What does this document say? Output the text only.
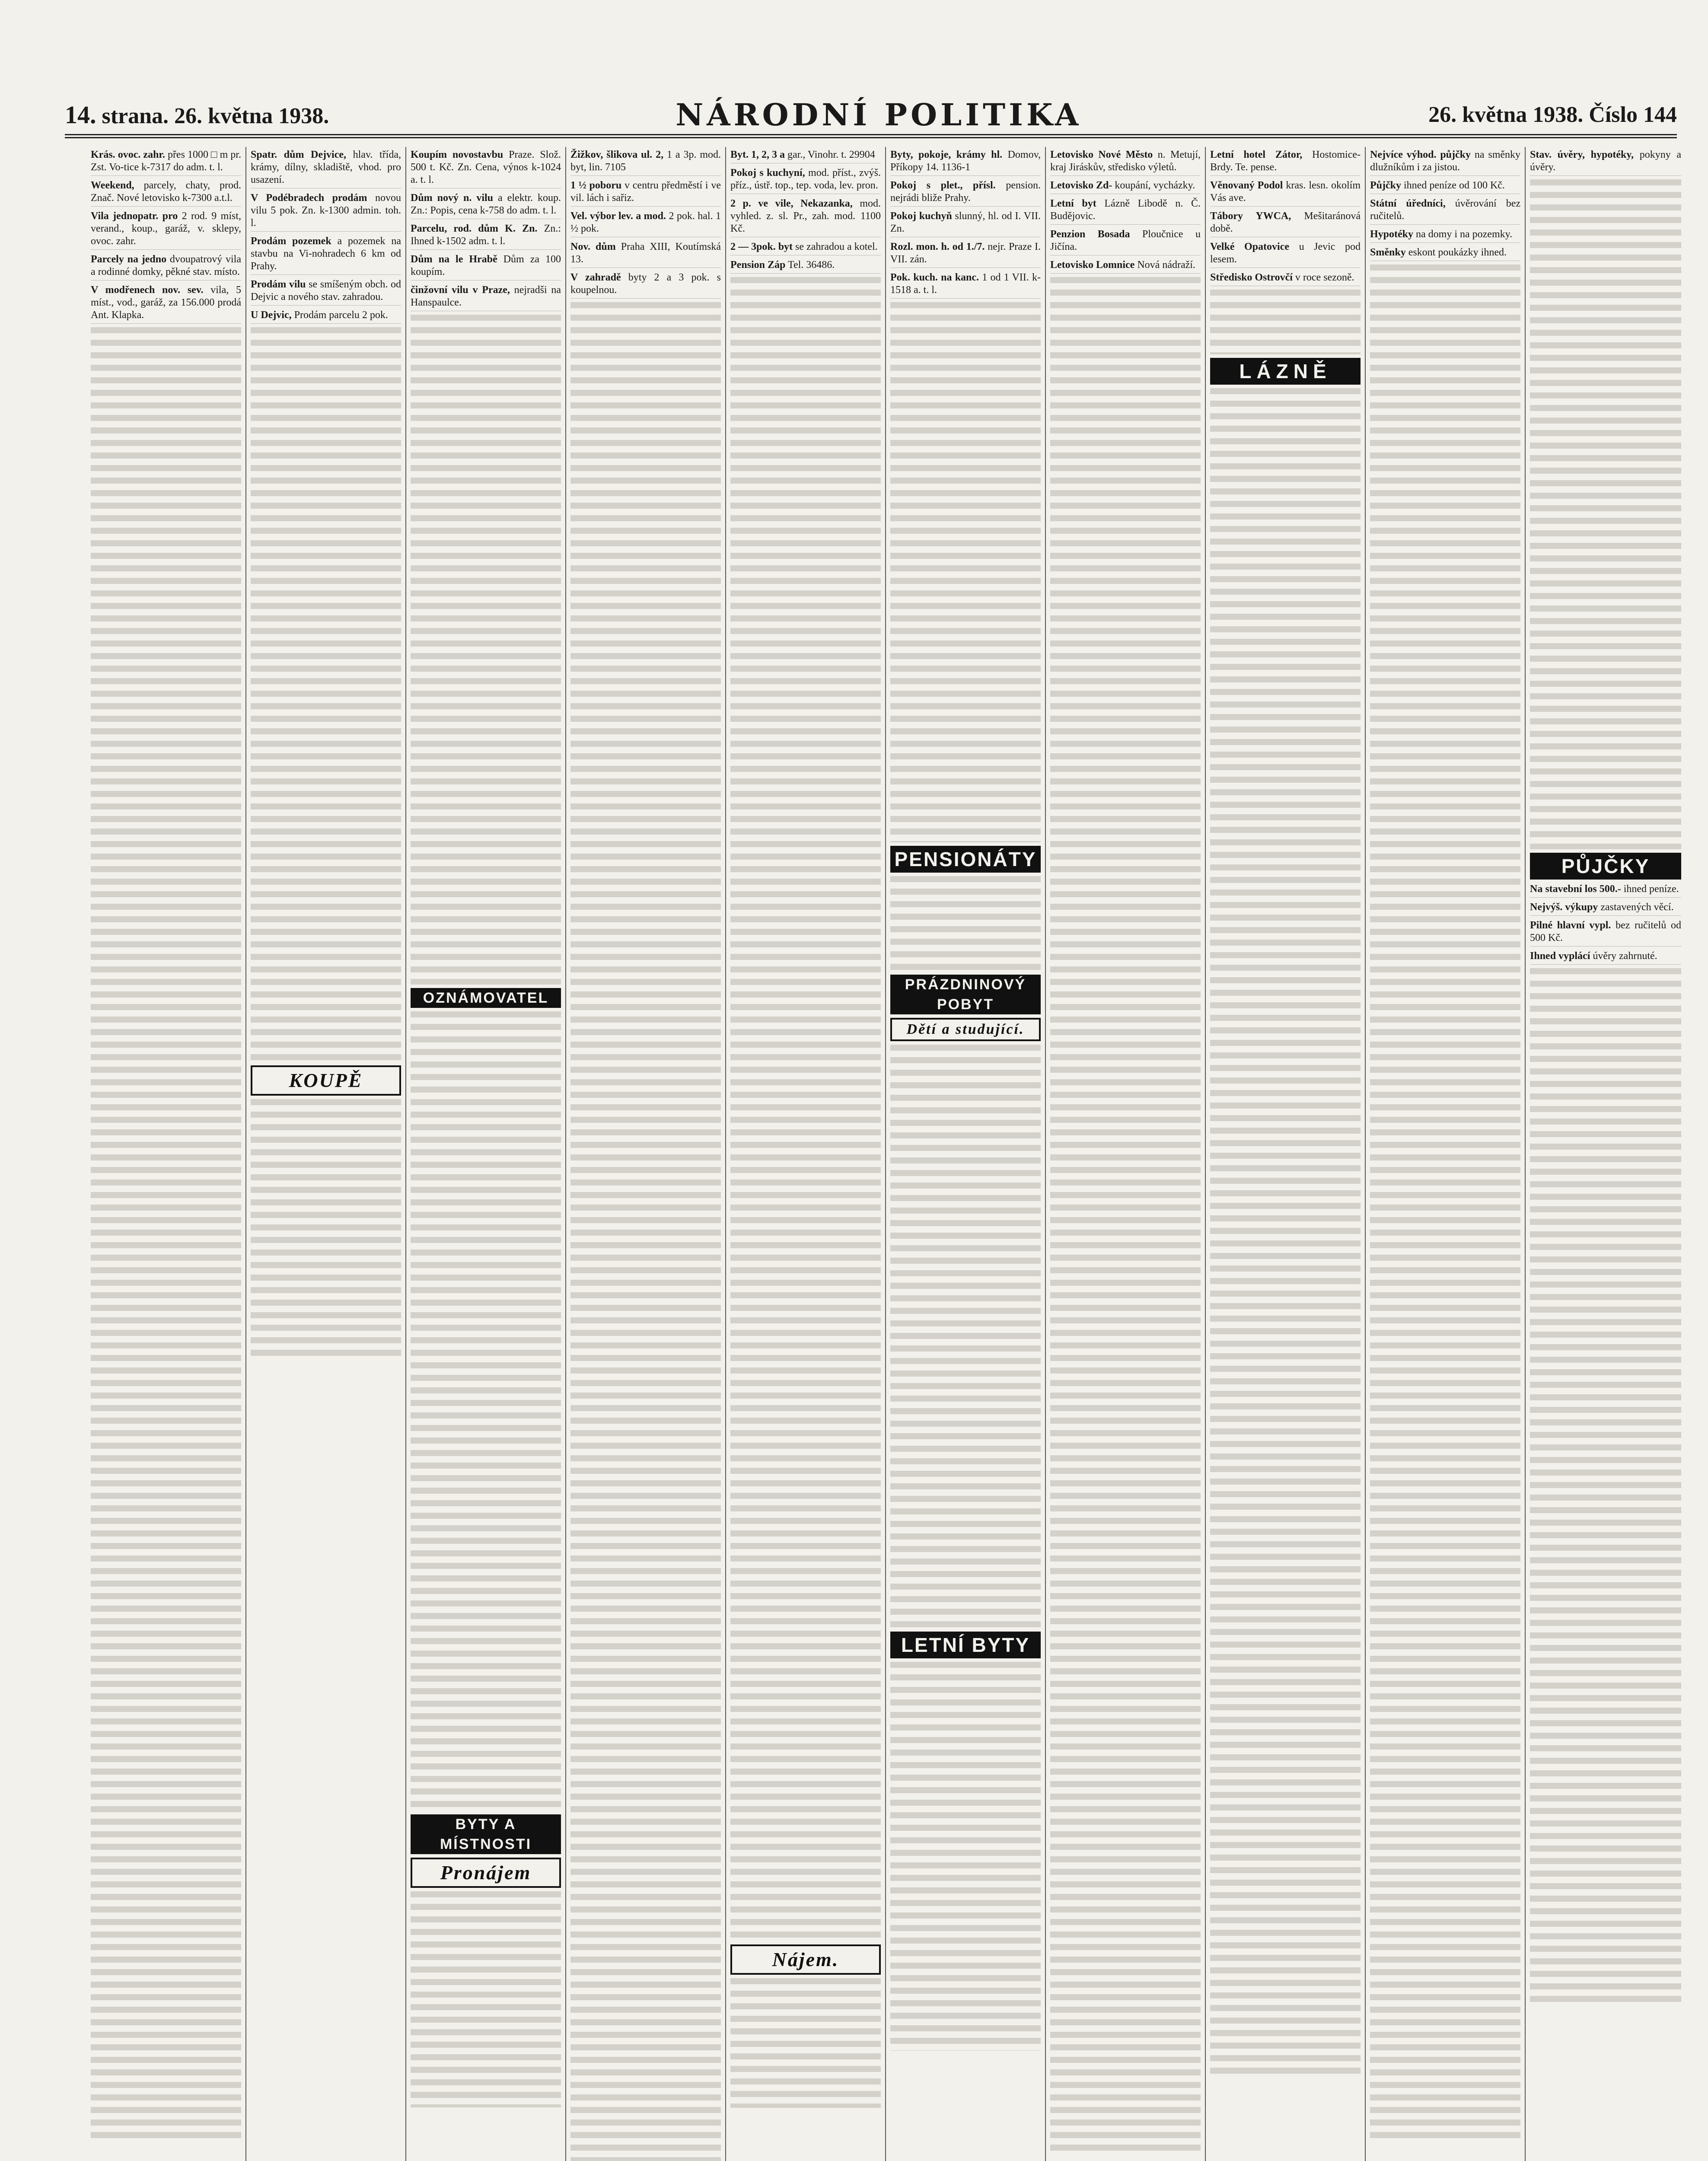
14. strana. 26. května 1938.	NÁRODNÍ POLITIKA	26. května 1938. Číslo 144
Krás. ovoc. zahr. přes 1000 □ m pr. Zst. Vo-tice k-7317 do adm. t. l.
Weekend, parcely, chaty, prod. Znač. Nové letovisko k-7300 a.t.l.
Vila jednopatr. pro 2 rod. 9 míst, verand., koup., garáž, v. sklepy, ovoc. zahr.
Parcely na jedno dvoupatrový vila a rodinné domky, pěkné stav. místo.
V modřenech nov. sev. vila, 5 míst., vod., garáž, za 156.000 prodá Ant. Klapka.
Spatr. dům Dejvice, hlav. třída, krámy, dílny, skladiště, vhod. pro usazení.
V Podébradech prodám novou vilu 5 pok. Zn. k-1300 admin. toh. l.
Prodám pozemek a pozemek na stavbu na Vi-nohradech 6 km od Prahy.
Prodám vilu se smíšeným obch. od Dejvic a nového stav. zahradou.
U Dejvic, Prodám parcelu 2 pok.
KOUPĚ
Koupím novostavbu Praze. Slož. 500 t. Kč. Zn. Cena, výnos k-1024 a. t. l.
Dům nový n. vilu a elektr. koup. Zn.: Popis, cena k-758 do adm. t. l.
Parcelu, rod. dům K. Zn. Zn.: Ihned k-1502 adm. t. l.
Dům na le Hrabě Dům za 100 koupím.
činžovní vilu v Praze, nejradši na Hanspaulce.
OZNÁMOVATEL
BYTY A MÍSTNOSTI
Pronájem
Žižkov, šlikova ul. 2, 1 a 3p. mod. byt, lin. 7105
1 ½ poboru v centru předměstí i ve vil. lách i sařiz.
Vel. výbor lev. a mod. 2 pok. hal. 1 ½ pok.
Nov. dům Praha XIII, Koutímská 13.
V zahradě byty 2 a 3 pok. s koupelnou.
Byt. 1, 2, 3 a gar., Vinohr. t. 29904
Pokoj s kuchyní, mod. příst., zvýš. příz., ústř. top., tep. voda, lev. pron.
2 p. ve vile, Nekazanka, mod. vyhled. z. sl. Pr., zah. mod. 1100 Kč.
2 — 3pok. byt se zahradou a kotel.
Pension Záp Tel. 36486.
Nájem.
Byty, pokoje, krámy hl. Domov, Příkopy 14. 1136-1
Pokoj s plet., přísl. pension. nejrádi bliže Prahy.
Pokoj kuchyň slunný, hl. od I. VII. Zn.
Rozl. mon. h. od 1./7. nejr. Praze I. VII. zán.
Pok. kuch. na kanc. 1 od 1 VII. k-1518 a. t. l.
PENSIONÁTY
PRÁZDNINOVÝ POBYT
Dětí a studující.
LETNÍ BYTY
Letovisko Nové Město n. Metují, kraj Jiráskův, středisko výletů.
Letovisko Zd- koupání, vycházky.
Letní byt Lázně Libodě n. Č. Budějovic.
Penzion Bosada Ploučnice u Jičína.
Letovisko Lomnice Nová nádraží.
Letní hotel Zátor, Hostomice-Brdy. Te. pense.
Věnovaný Podol kras. lesn. okolím Vás ave.
Tábory YWCA, Mešitaránová době.
Velké Opatovice u Jevic pod lesem.
Středisko Ostrovčí v roce sezoně.
LÁZNĚ
Nejvíce výhod. půjčky na směnky dlužníkům i za jistou.
Půjčky ihned peníze od 100 Kč.
Státní úředníci, úvěrování bez ručitelů.
Hypotéky na domy i na pozemky.
Směnky eskont poukázky ihned.
Stav. úvěry, hypotéky, pokyny a úvěry.
PŮJČKY
Na stavební los 500.- ihned peníze.
Nejvýš. výkupy zastavených věcí.
Pilné hlavní vypl. bez ručitelů od 500 Kč.
Ihned vyplácí úvěry zahrnuté.
